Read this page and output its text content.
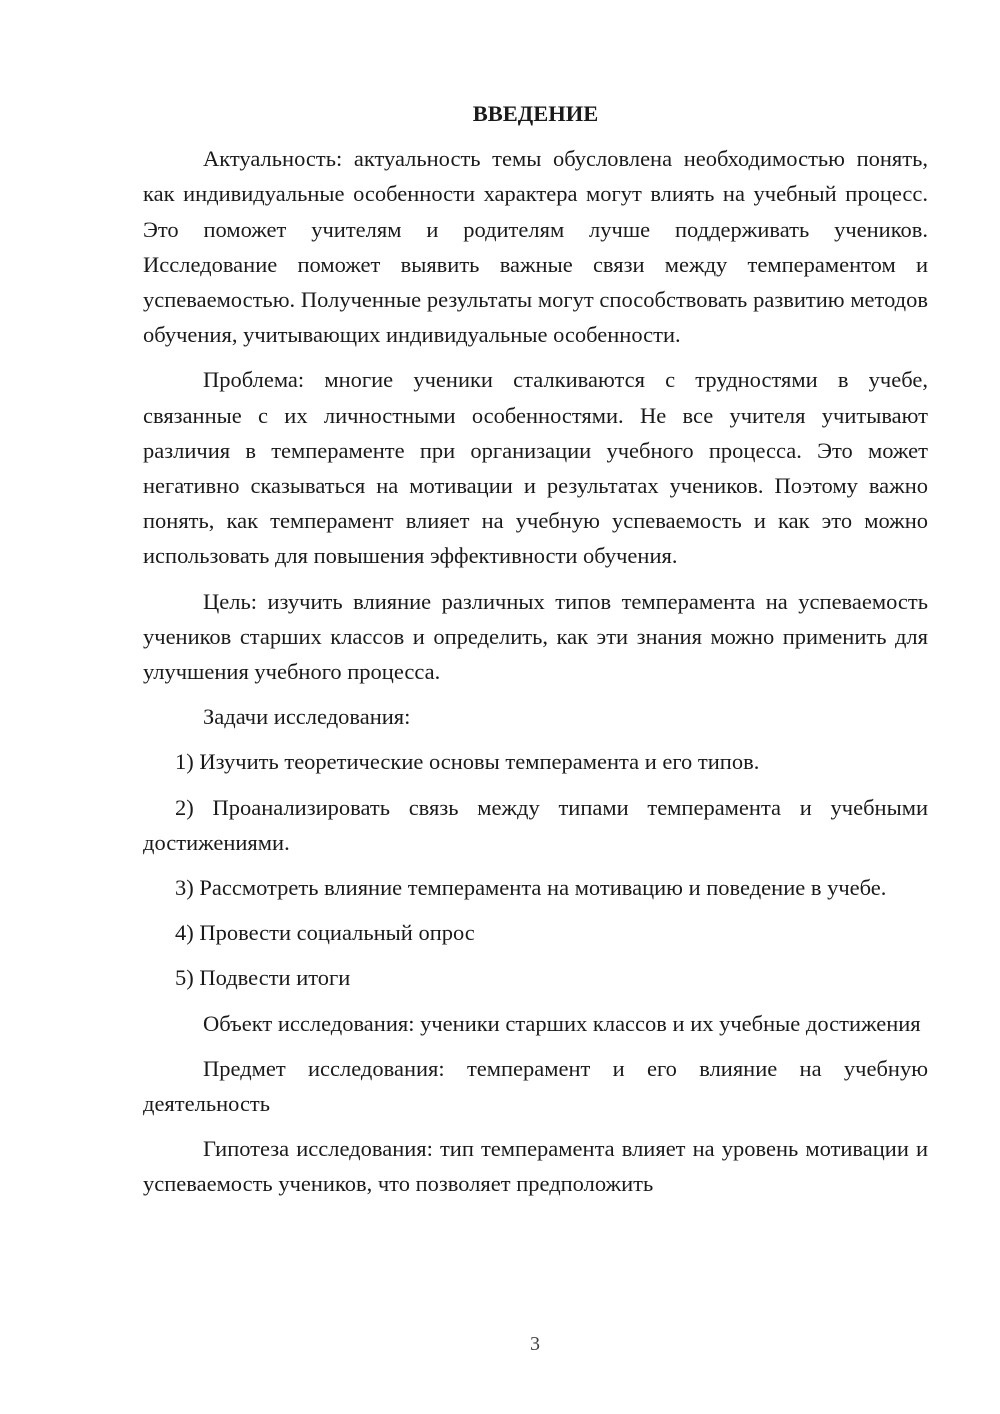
ВВЕДЕНИЕ

Актуальность: актуальность темы обусловлена необходимостью понять, как индивидуальные особенности характера могут влиять на учебный процесс. Это поможет учителям и родителям лучше поддерживать учеников. Исследование поможет выявить важные связи между темпераментом и успеваемостью. Полученные результаты могут способствовать развитию методов обучения, учитывающих индивидуальные особенности.

Проблема: многие ученики сталкиваются с трудностями в учебе, связанные с их личностными особенностями. Не все учителя учитывают различия в темпераменте при организации учебного процесса. Это может негативно сказываться на мотивации и результатах учеников. Поэтому важно понять, как темперамент влияет на учебную успеваемость и как это можно использовать для повышения эффективности обучения.

Цель: изучить влияние различных типов темперамента на успеваемость учеников старших классов и определить, как эти знания можно применить для улучшения учебного процесса.

Задачи исследования:

1) Изучить теоретические основы темперамента и его типов.

2) Проанализировать связь между типами темперамента и учебными достижениями.

3) Рассмотреть влияние темперамента на мотивацию и поведение в учебе.

4) Провести социальный опрос

5) Подвести итоги

Объект исследования: ученики старших классов и их учебные достижения

Предмет исследования: темперамент и его влияние на учебную деятельность

Гипотеза исследования: тип темперамента влияет на уровень мотивации и успеваемость учеников, что позволяет предположить

3
